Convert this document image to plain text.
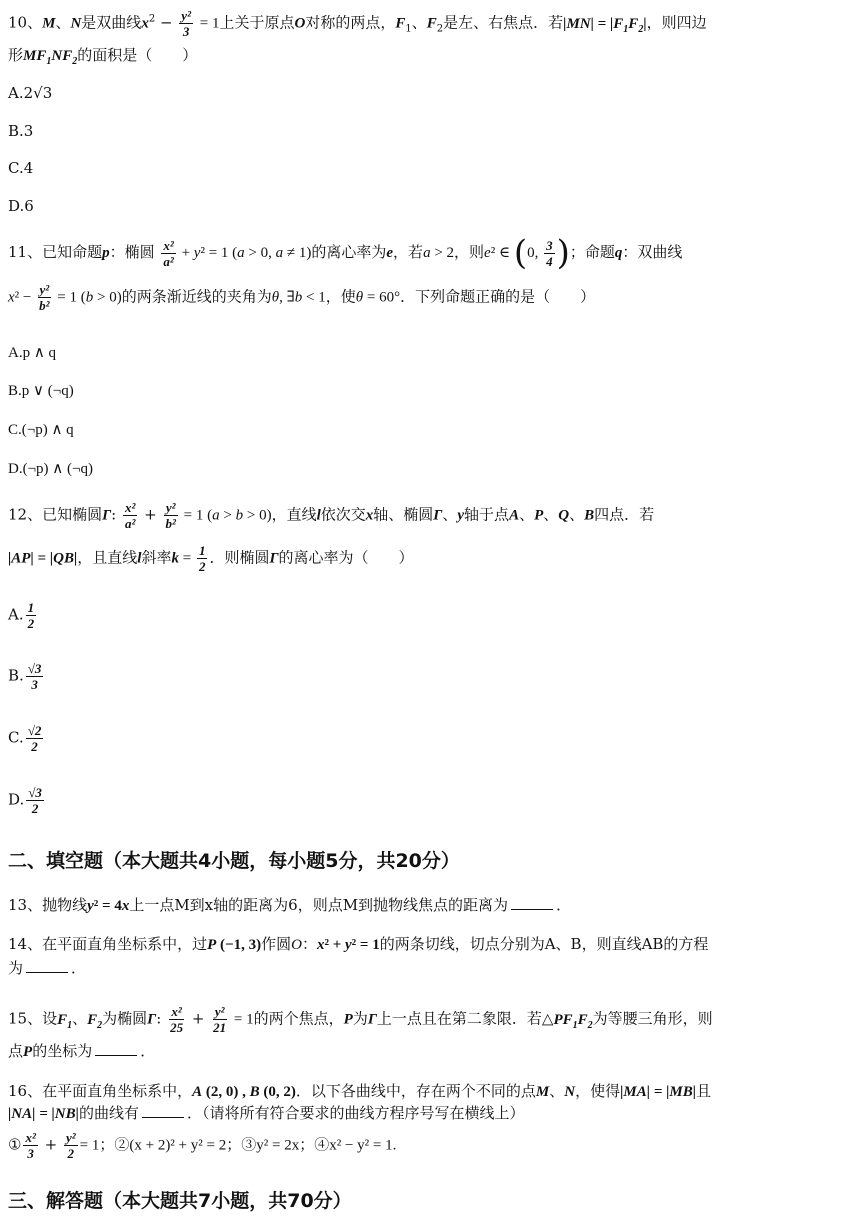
10、M、N是双曲线$x^2 - \frac{\text{y²}}{3} = 1$上关于原点O对称的两点，$F_1$、$F_2$是左、右焦点．若$|MN| = |F_1F_2|$，则四边
形$MF_1NF_2$的面积是（　　）
A.2√3
B.3
C.4
D.6
11、已知命题p：椭圆 $\frac{\text{x²}}{\text{a²}} + y^2 = 1$ (a > 0, a ≠ 1)的离心率为e，若a > 2，则e² ∈ (0, $\frac{3}{4}$ )；命题q：双曲线
$x^2 - \frac{\text{y²}}{\text{b²}} = 1$ (b > 0)的两条渐近线的夹角为θ, ∃b < 1，使θ = 60°．下列命题正确的是（　　）
A.p ∧ q
B.p ∨ (¬q)
C.(¬p) ∧ q
D.(¬p) ∧ (¬q)
12、已知椭圆Γ: $\frac{\text{x²}}{\text{a²}} + \frac{\text{y²}}{\text{b²}} = 1$ (a > b > 0)，直线l依次交x轴、椭圆Γ、y轴于点A、P、Q、B四点．若
|AP| = |QB|，且直线l斜率$k = \frac{1}{2}$ ．则椭圆Γ的离心率为（　　）
A. $\frac{1}{2}$
B. $\frac{√3}{3}$
C. $\frac{√2}{2}$
D. $\frac{√3}{2}$
二、填空题（本大题共4小题，每小题5分，共20分）
13、抛物线y² = 4x上一点M到x轴的距离为6，则点M到抛物线焦点的距离为	．
14、在平面直角坐标系中，过P (−1, 3)作圆O：x² + y² = 1的两条切线，切点分别为A、B，则直线AB的方程
为	．
15、设$F_1$、$F_2$为椭圆Γ: $\frac{\text{x²}}{25} + \frac{\text{y²}}{21} = 1$的两个焦点，P为Γ上一点且在第二象限．若$\triangle PF_1F_2$为等腰三角形，则
点P的坐标为	．
16、在平面直角坐标系中，A (2, 0) , B (0, 2)．以下各曲线中，存在两个不同的点M、N，使得|MA| = |MB|且
|NA| = |NB|的曲线有	．（请将所有符合要求的曲线方程序号写在横线上）
① $\frac{\text{x²}}{3} + \frac{\text{y²}}{2} = 1$；②(x + 2)² + y² = 2；③y² = 2x；④x² − y² = 1.
三、解答题（本大题共7小题，共70分）
